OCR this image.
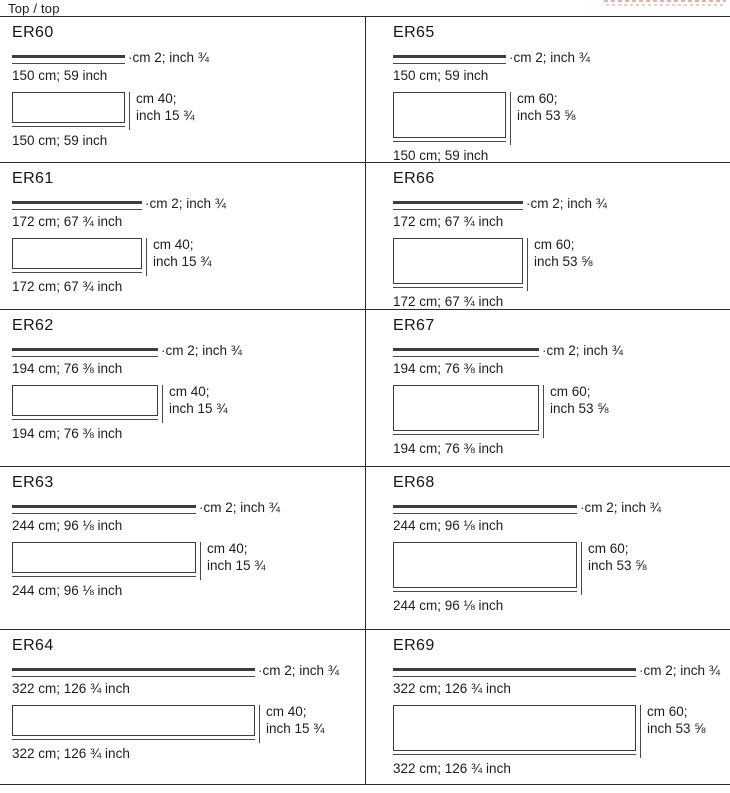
Top / top
ER60
· cm 2; inch ¾
150 cm; 59 inch
cm 40;
inch 15 ¾
150 cm; 59 inch
ER65
· cm 2; inch ¾
150 cm; 59 inch
cm 60;
inch 53 ⅝
150 cm; 59 inch
ER61
· cm 2; inch ¾
172 cm; 67 ¾ inch
cm 40;
inch 15 ¾
172 cm; 67 ¾ inch
ER66
· cm 2; inch ¾
172 cm; 67 ¾ inch
cm 60;
inch 53 ⅝
172 cm; 67 ¾ inch
ER62
· cm 2; inch ¾
194 cm; 76 ⅜ inch
cm 40;
inch 15 ¾
194 cm; 76 ⅜ inch
ER67
· cm 2; inch ¾
194 cm; 76 ⅜ inch
cm 60;
inch 53 ⅝
194 cm; 76 ⅜ inch
ER63
· cm 2; inch ¾
244 cm; 96 ⅛ inch
cm 40;
inch 15 ¾
244 cm; 96 ⅛ inch
ER68
· cm 2; inch ¾
244 cm; 96 ⅛ inch
cm 60;
inch 53 ⅝
244 cm; 96 ⅛ inch
ER64
· cm 2; inch ¾
322 cm; 126 ¾ inch
cm 40;
inch 15 ¾
322 cm; 126 ¾ inch
ER69
· cm 2; inch ¾
322 cm; 126 ¾ inch
cm 60;
inch 53 ⅝
322 cm; 126 ¾ inch
